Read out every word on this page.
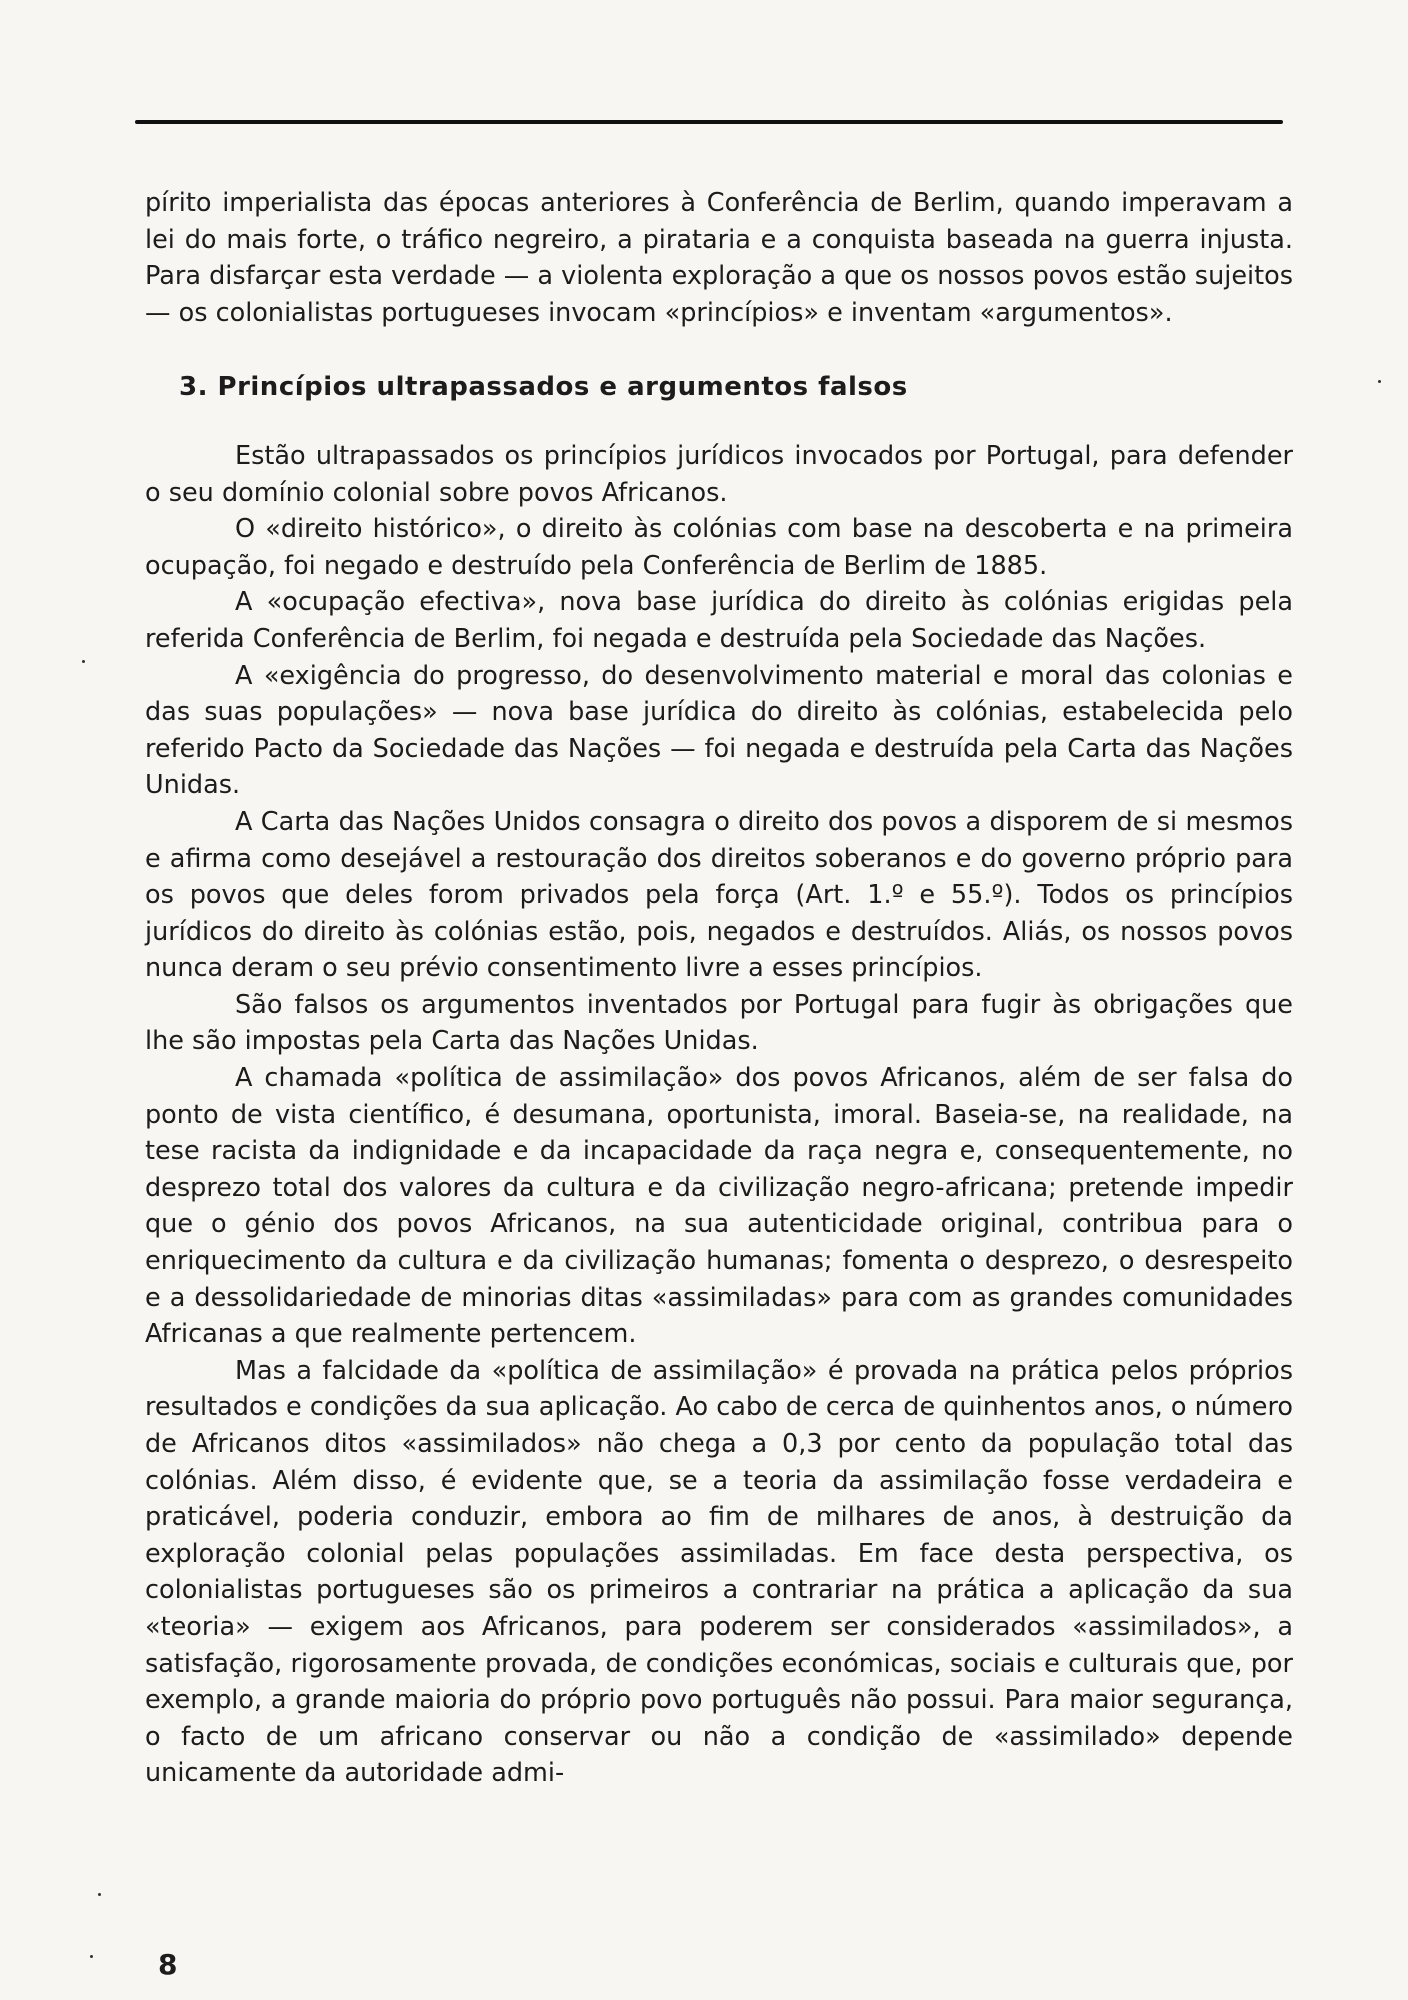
pírito imperialista das épocas anteriores à Conferência de Berlim, quando imperavam a lei do mais forte, o tráfico negreiro, a pirataria e a conquista baseada na guerra injusta. Para disfarçar esta verdade — a violenta exploração a que os nossos povos estão sujeitos — os colonialistas portugueses invocam «princípios» e inventam «argumentos».

3. Princípios ultrapassados e argumentos falsos

Estão ultrapassados os princípios jurídicos invocados por Portugal, para defender o seu domínio colonial sobre povos Africanos.

O «direito histórico», o direito às colónias com base na descoberta e na primeira ocupação, foi negado e destruído pela Conferência de Berlim de 1885.

A «ocupação efectiva», nova base jurídica do direito às colónias erigidas pela referida Conferência de Berlim, foi negada e destruída pela Sociedade das Nações.

A «exigência do progresso, do desenvolvimento material e moral das colonias e das suas populações» — nova base jurídica do direito às colónias, estabelecida pelo referido Pacto da Sociedade das Nações — foi negada e destruída pela Carta das Nações Unidas.

A Carta das Nações Unidos consagra o direito dos povos a disporem de si mesmos e afirma como desejável a restouração dos direitos soberanos e do governo próprio para os povos que deles forom privados pela força (Art. 1.º e 55.º). Todos os princípios jurídicos do direito às colónias estão, pois, negados e destruídos. Aliás, os nossos povos nunca deram o seu prévio consentimento livre a esses princípios.

São falsos os argumentos inventados por Portugal para fugir às obrigações que lhe são impostas pela Carta das Nações Unidas.

A chamada «política de assimilação» dos povos Africanos, além de ser falsa do ponto de vista científico, é desumana, oportunista, imoral. Baseia-se, na realidade, na tese racista da indignidade e da incapacidade da raça negra e, consequentemente, no desprezo total dos valores da cultura e da civilização negro-africana; pretende impedir que o génio dos povos Africanos, na sua autenticidade original, contribua para o enriquecimento da cultura e da civilização humanas; fomenta o desprezo, o desrespeito e a dessolidariedade de minorias ditas «assimiladas» para com as grandes comunidades Africanas a que realmente pertencem.

Mas a falcidade da «política de assimilação» é provada na prática pelos próprios resultados e condições da sua aplicação. Ao cabo de cerca de quinhentos anos, o número de Africanos ditos «assimilados» não chega a 0,3 por cento da população total das colónias. Além disso, é evidente que, se a teoria da assimilação fosse verdadeira e praticável, poderia conduzir, embora ao fim de milhares de anos, à destruição da exploração colonial pelas populações assimiladas. Em face desta perspectiva, os colonialistas portugueses são os primeiros a contrariar na prática a aplicação da sua «teoria» — exigem aos Africanos, para poderem ser considerados «assimilados», a satisfação, rigorosamente provada, de condições económicas, sociais e culturais que, por exemplo, a grande maioria do próprio povo português não possui. Para maior segurança, o facto de um africano conservar ou não a condição de «assimilado» depende unicamente da autoridade admi-

8
